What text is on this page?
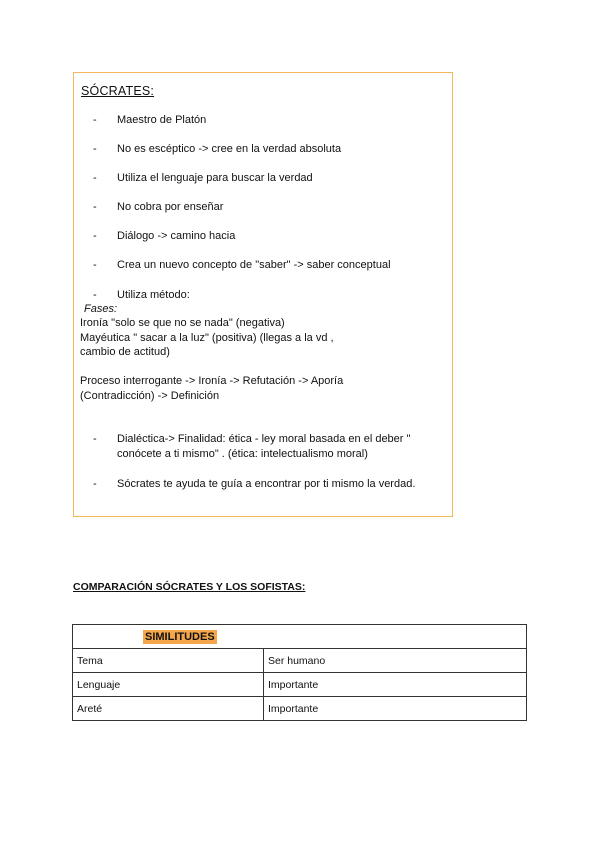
SÓCRATES:
- Maestro de Platón
- No es escéptico -> cree en la verdad absoluta
- Utiliza el lenguaje para buscar la verdad
- No cobra por enseñar
- Diálogo -> camino hacia
- Crea un nuevo concepto de "saber" -> saber conceptual
- Utiliza método:
Fases:
Ironía "solo se que no se nada" (negativa)
Mayéutica " sacar a la luz" (positiva) (llegas a la vd ,
cambio de actitud)
Proceso interrogante -> Ironía -> Refutación -> Aporía
(Contradicción) -> Definición
- Dialéctica-> Finalidad: ética - ley moral basada en el deber "
conócete a ti mismo" . (ética: intelectualismo moral)
- Sócrates te ayuda te guía a encontrar por ti mismo la verdad.
COMPARACIÓN SÓCRATES Y LOS SOFISTAS:
SIMILITUDES	
Tema	Ser humano
Lenguaje	Importante
Areté	Importante
